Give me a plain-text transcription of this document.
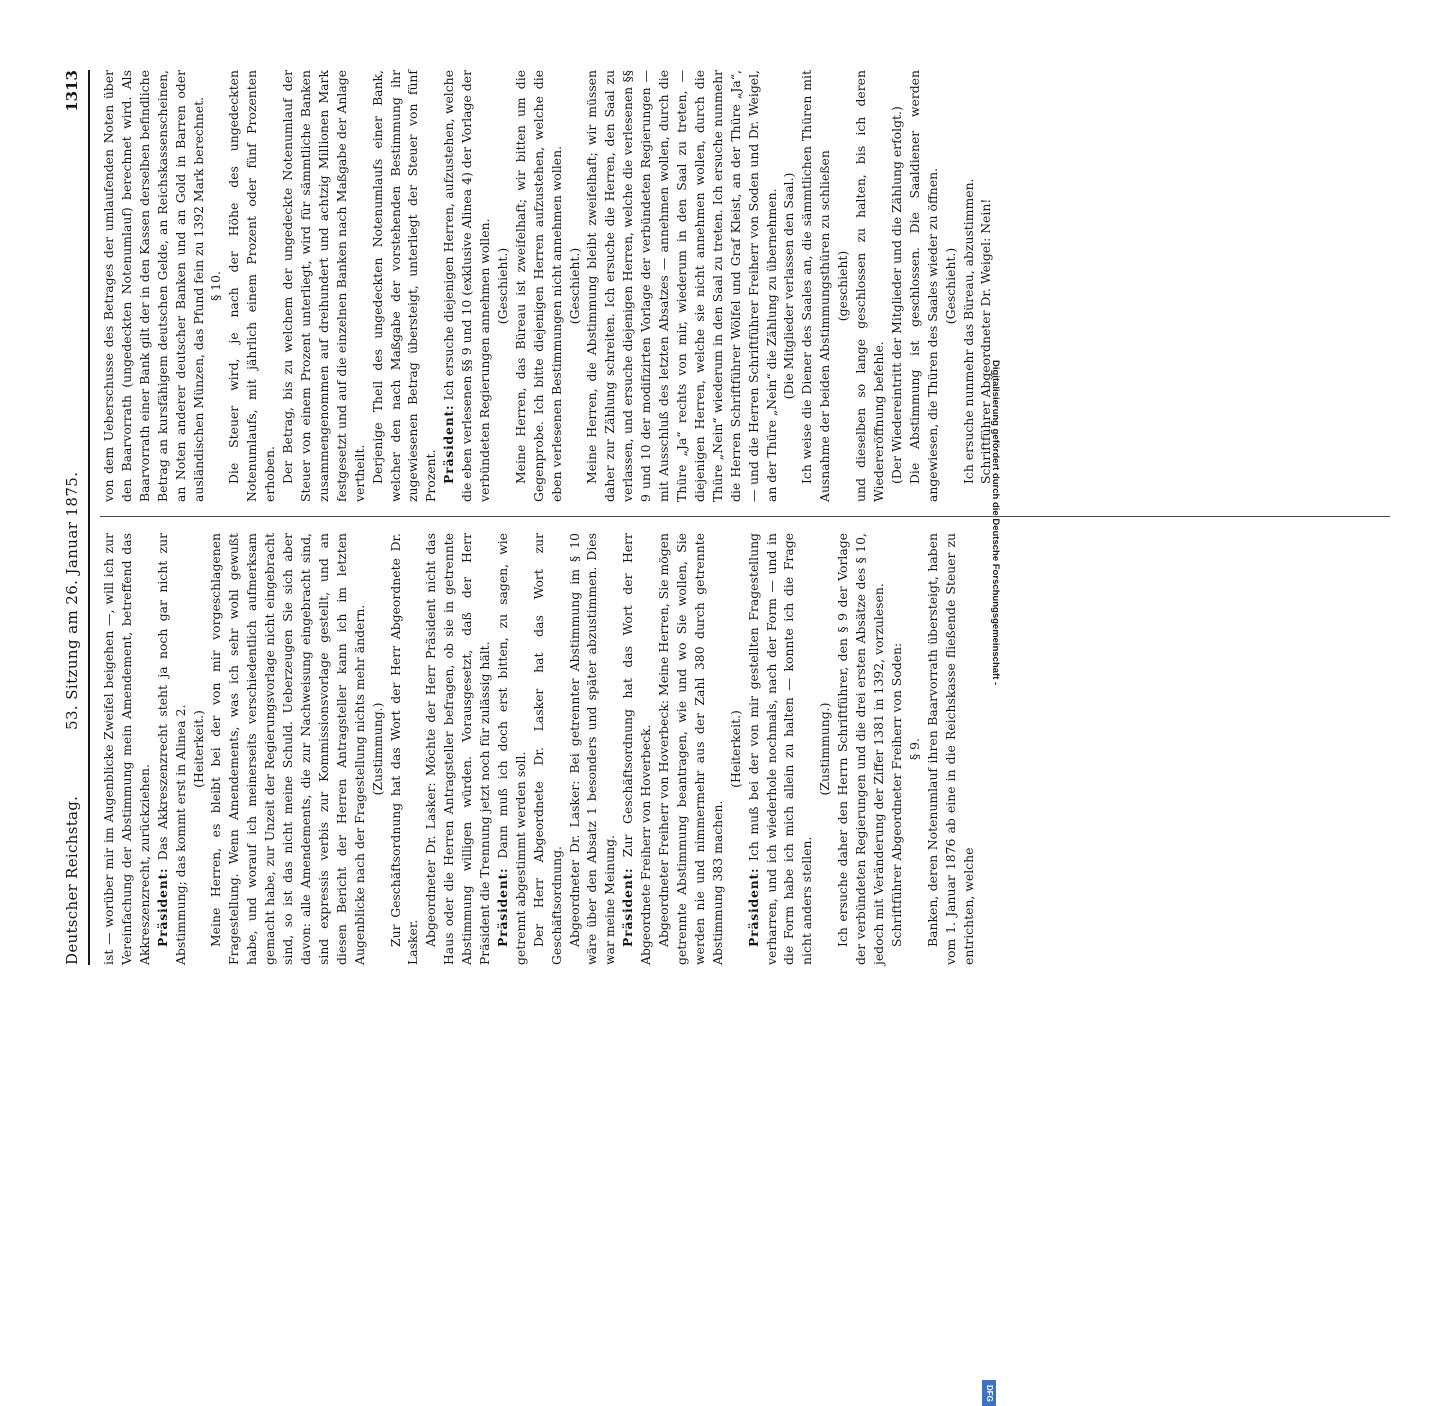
Deutscher Reichstag.
53. Sitzung am 26. Januar 1875.
1313
ist — worüber mir im Augenblicke Zweifel beigehen —, will ich zur Vereinfachung der Abstimmung mein Amendement, betreffend das Akkreszenzrecht, zurückziehen. Präsident: Das Akkreszenzrecht steht ja noch gar nicht zur Abstimmung; das kommt erst in Alinea 2. (Heiterkeit.) Meine Herren, es bleibt bei der von mir vorgeschlagenen Fragestellung. Wenn Amendements, was ich sehr wohl gewußt habe, und worauf ich meinerseits verschiedentlich aufmerksam gemacht habe, zur Unzeit der Regierungsvorlage nicht eingebracht sind, so ist das nicht meine Schuld. Ueberzeugen Sie sich aber davon: alle Amendements, die zur Nachweisung eingebracht sind, sind expressis verbis zur Kommissionsvorlage gestellt, und an diesen Bericht der Herren Antragsteller kann ich im letzten Augenblicke nach der Fragestellung nichts mehr ändern. (Zustimmung.) Zur Geschäftsordnung hat das Wort der Herr Abgeordnete Dr. Lasker. Abgeordneter Dr. Lasker: Möchte der Herr Präsident nicht das Haus oder die Herren Antragsteller befragen, ob sie in getrennte Abstimmung willigen würden. Vorausgesetzt, daß der Herr Präsident die Trennung jetzt noch für zulässig hält. Präsident: Dann muß ich doch erst bitten, zu sagen, wie getrennt abgestimmt werden soll. Der Herr Abgeordnete Dr. Lasker hat das Wort zur Geschäftsordnung. Abgeordneter Dr. Lasker: Bei getrennter Abstimmung im § 10 wäre über den Absatz 1 besonders und später abzustimmen. Dies war meine Meinung. Präsident: Zur Geschäftsordnung hat das Wort der Herr Abgeordnete Freiherr von Hoverbeck. Abgeordneter Freiherr von Hoverbeck: Meine Herren, Sie mögen getrennte Abstimmung beantragen, wie und wo Sie wollen, Sie werden nie und nimmermehr aus der Zahl 380 durch getrennte Abstimmung 383 machen.
(Heiterkeit.)
Präsident: Ich muß bei der von mir gestellten Fragestellung verharren, und ich wiederhole nochmals, nach der Form — und in die Form habe ich mich allein zu halten — konnte ich die Frage nicht anders stellen.
(Zustimmung.) Ich ersuche daher den Herrn Schriftführer, den § 9 der Vorlage der verbündeten Regierungen und die drei ersten Absätze des § 10, jedoch mit Veränderung der Ziffer 1381 in 1392, vorzulesen. Schriftführer Abgeordneter Freiherr von Soden: § 9. Banken, deren Notenumlauf ihren Baarvorrath übersteigt, haben vom 1. Januar 1876 ab eine in die Reichskasse fließende Steuer zu entrichten, welche
von dem Ueberschusse des Betrages der umlaufenden Noten über den Baarvorrath (ungedeckten Notenumlauf) berechnet wird. Als Baarvorrath einer Bank gilt der in den Kassen derselben befindliche Betrag an kursfähigem deutschen Gelde, an Reichskassenscheinen, an Noten anderer deutscher Banken und an Gold in Barren oder ausländischen Münzen, das Pfund fein zu 1392 Mark berechnet. § 10. Die Steuer wird, je nach der Höhe des ungedeckten Notenumlaufs, mit jährlich einem Prozent oder fünf Prozenten erhoben. Der Betrag, bis zu welchem der ungedeckte Notenumlauf der Steuer von einem Prozent unterliegt, wird für sämmtliche Banken zusammengenommen auf dreihundert und achtzig Millionen Mark festgesetzt und auf die einzelnen Banken nach Maßgabe der Anlage vertheilt. Derjenige Theil des ungedeckten Notenumlaufs einer Bank, welcher den nach Maßgabe der vorstehenden Bestimmung ihr zugewiesenen Betrag übersteigt, unterliegt der Steuer von fünf Prozent. Präsident: Ich ersuche diejenigen Herren, aufzustehen, welche die eben verlesenen §§ 9 und 10 (exklusive Alinea 4) der Vorlage der verbündeten Regierungen annehmen wollen. (Geschieht.) Meine Herren, das Büreau ist zweifelhaft; wir bitten um die Gegenprobe. Ich bitte diejenigen Herren aufzustehen, welche die eben verlesenen Bestimmungen nicht annehmen wollen. (Geschieht.) Meine Herren, die Abstimmung bleibt zweifelhaft; wir müssen daher zur Zählung schreiten. Ich ersuche die Herren, den Saal zu verlassen, und ersuche diejenigen Herren, welche die verlesenen §§ 9 und 10 der modifizirten Vorlage der verbündeten Regierungen — mit Ausschluß des letzten Absatzes — annehmen wollen, durch die Thüre „Ja“ rechts von mir, wiederum in den Saal zu treten, — diejenigen Herren, welche sie nicht annehmen wollen, durch die Thüre „Nein“ wiederum in den Saal zu treten. Ich ersuche nunmehr die Herren Schriftführer Wölfel und Graf Kleist, an der Thüre „Ja“, — und die Herren Schriftführer Freiherr von Soden und Dr. Weigel, an der Thüre „Nein“ die Zählung zu übernehmen. (Die Mitglieder verlassen den Saal.) Ich weise die Diener des Saales an, die sämmtlichen Thüren mit Ausnahme der beiden Abstimmungsthüren zu schließen (geschieht) und dieselben so lange geschlossen zu halten, bis ich deren Wiedereröffnung befehle. (Der Wiedereintritt der Mitglieder und die Zählung erfolgt.) Die Abstimmung ist geschlossen. Die Saaldiener werden angewiesen, die Thüren des Saales wieder zu öffnen. (Geschieht.) Ich ersuche nunmehr das Büreau, abzustimmen. Schriftführer Abgeordneter Dr. Weigel: Nein!
Digitalisierung gefördert durch die Deutsche Forschungsgemeinschaft -
DFG
